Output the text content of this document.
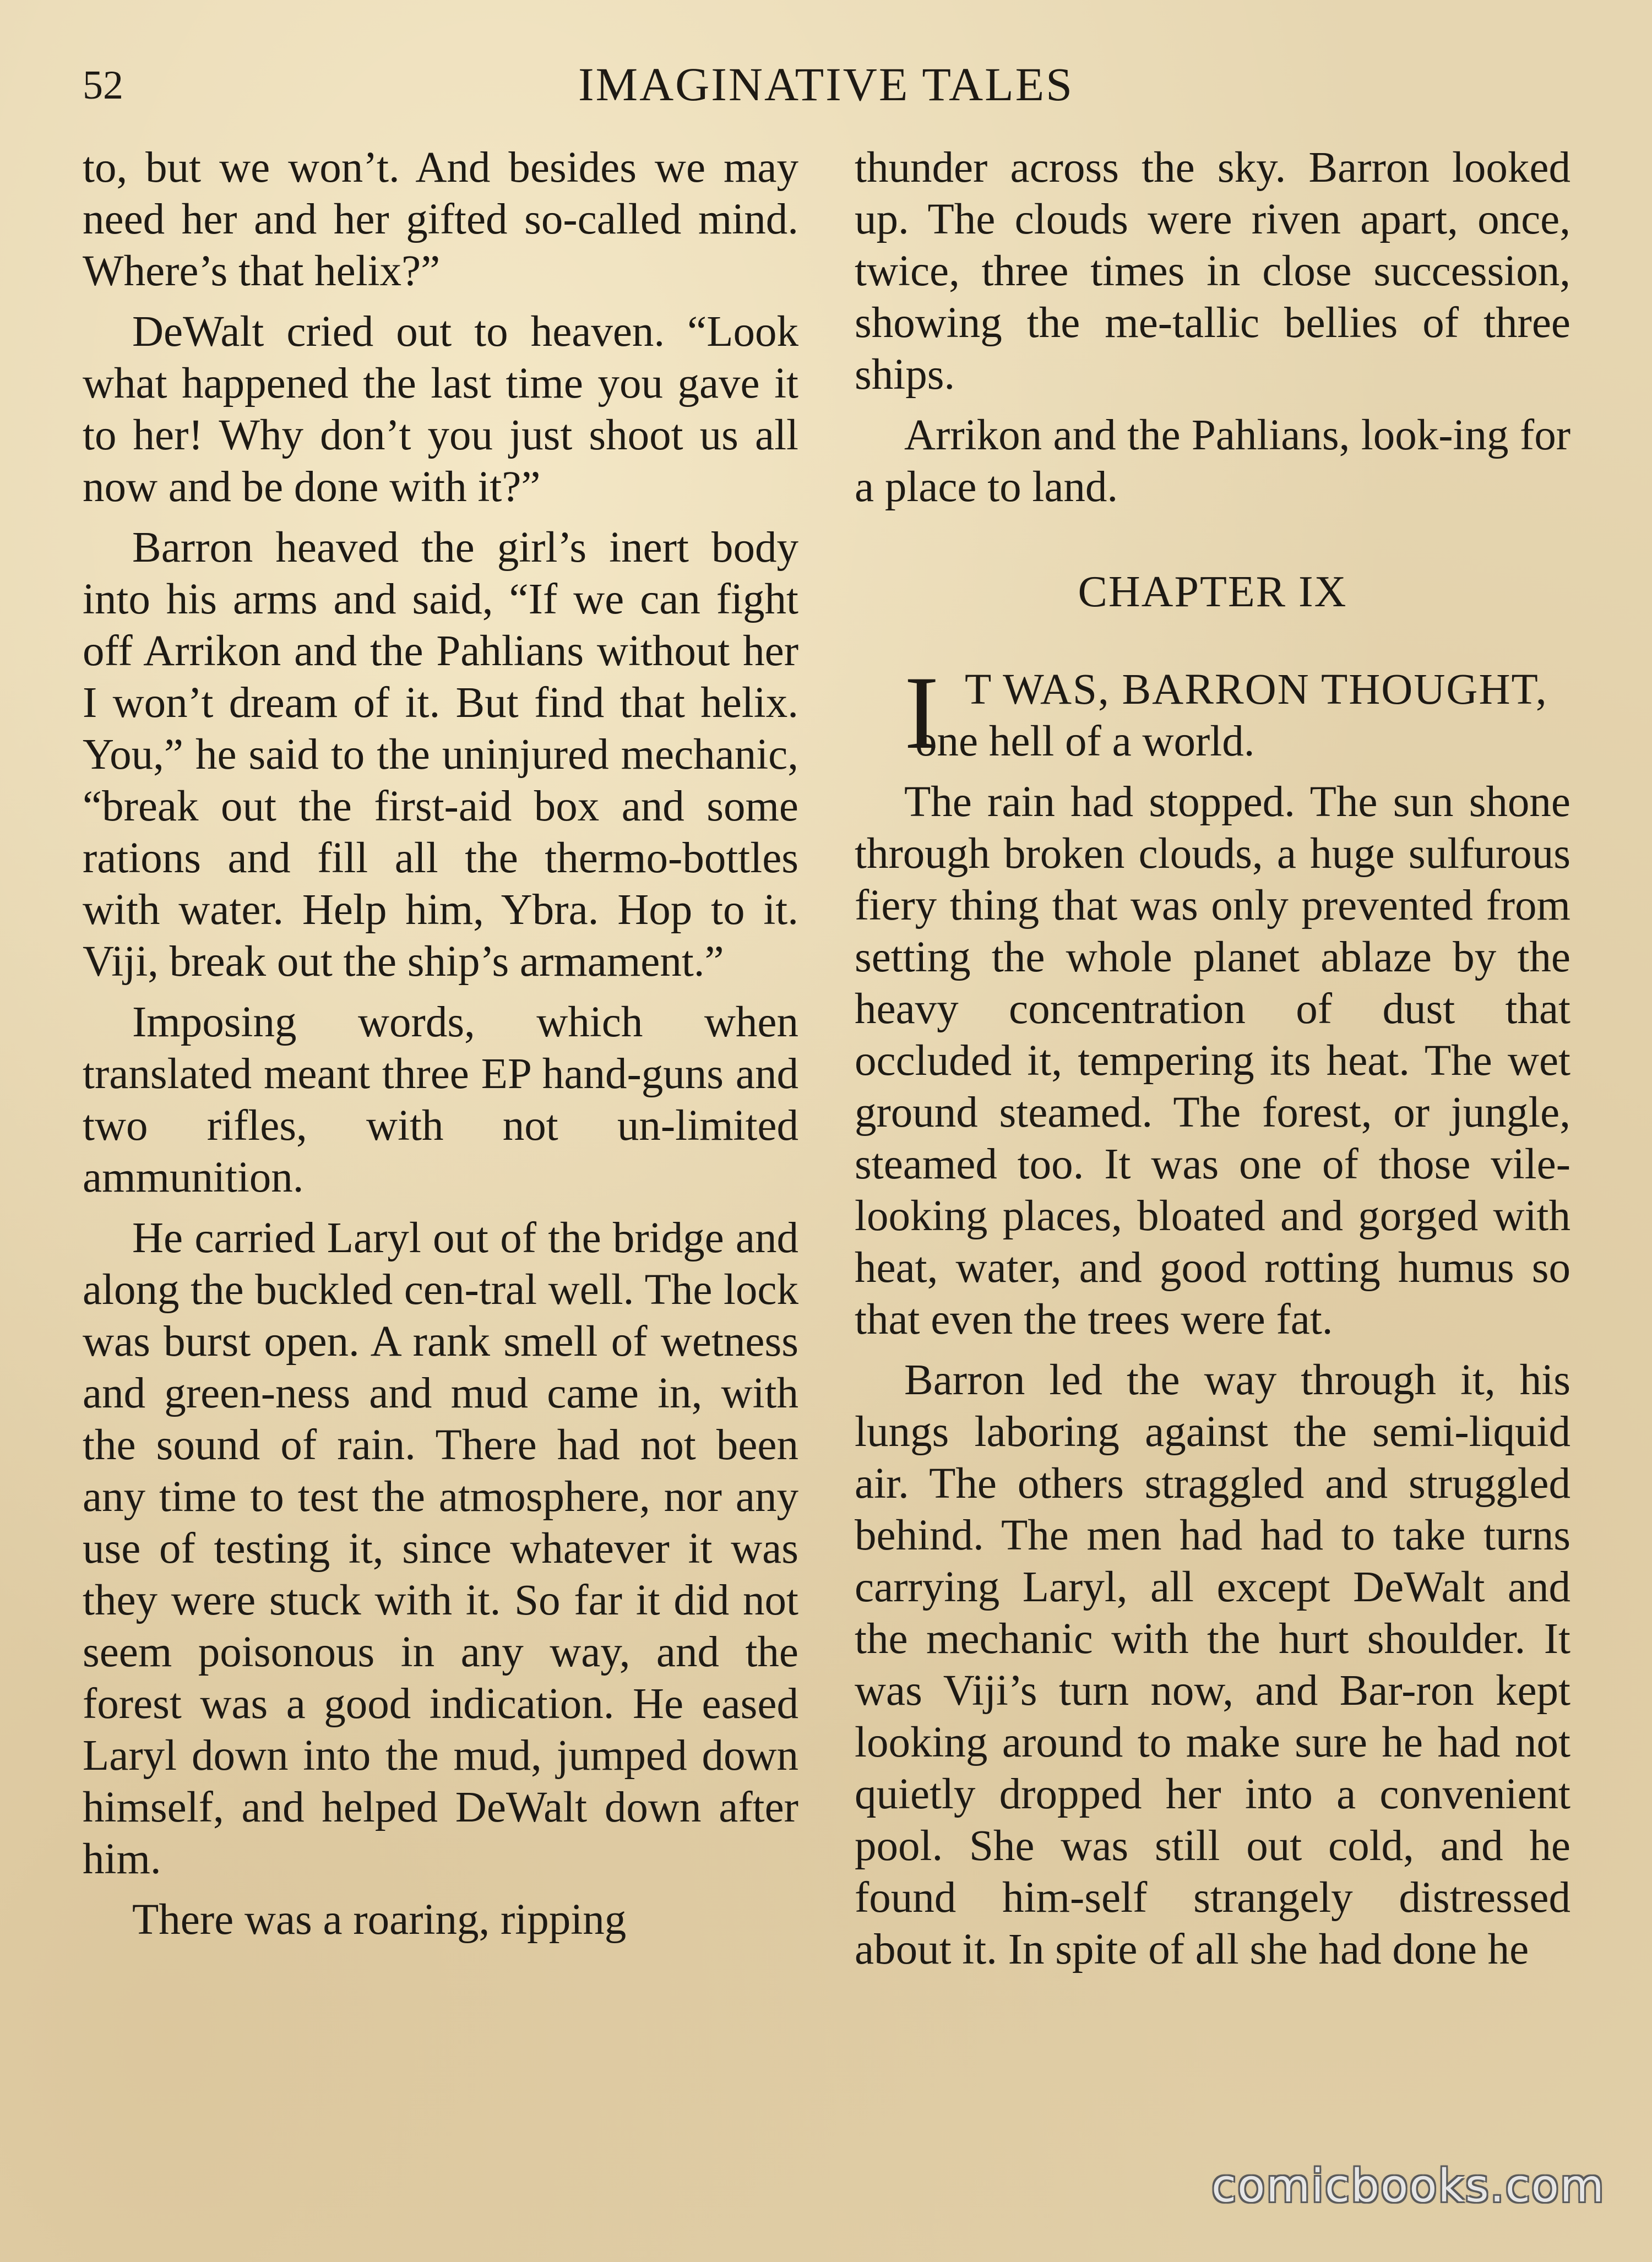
52	IMAGINATIVE TALES

to, but we won’t. And besides we may need her and her gifted so-called mind. Where’s that helix?”

DeWalt cried out to heaven. “Look what happened the last time you gave it to her! Why don’t you just shoot us all now and be done with it?”

Barron heaved the girl’s inert body into his arms and said, “If we can fight off Arrikon and the Pahlians without her I won’t dream of it. But find that helix. You,” he said to the uninjured mechanic, “break out the first-aid box and some rations and fill all the thermo-bottles with water. Help him, Ybra. Hop to it. Viji, break out the ship’s armament.”

Imposing words, which when translated meant three EP hand-guns and two rifles, with not un-limited ammunition.

He carried Laryl out of the bridge and along the buckled cen-tral well. The lock was burst open. A rank smell of wetness and green-ness and mud came in, with the sound of rain. There had not been any time to test the atmosphere, nor any use of testing it, since whatever it was they were stuck with it. So far it did not seem poisonous in any way, and the forest was a good indication. He eased Laryl down into the mud, jumped down himself, and helped DeWalt down after him.

There was a roaring, ripping

thunder across the sky. Barron looked up. The clouds were riven apart, once, twice, three times in close succession, showing the me-tallic bellies of three ships.

Arrikon and the Pahlians, look-ing for a place to land.

CHAPTER IX

I T WAS, BARRON THOUGHT,
one hell of a world.

The rain had stopped. The sun shone through broken clouds, a huge sulfurous fiery thing that was only prevented from setting the whole planet ablaze by the heavy concentration of dust that occluded it, tempering its heat. The wet ground steamed. The forest, or jungle, steamed too. It was one of those vile-looking places, bloated and gorged with heat, water, and good rotting humus so that even the trees were fat.

Barron led the way through it, his lungs laboring against the semi-liquid air. The others straggled and struggled behind. The men had had to take turns carrying Laryl, all except DeWalt and the mechanic with the hurt shoulder. It was Viji’s turn now, and Bar-ron kept looking around to make sure he had not quietly dropped her into a convenient pool. She was still out cold, and he found him-self strangely distressed about it. In spite of all she had done he

comicbooks.com
